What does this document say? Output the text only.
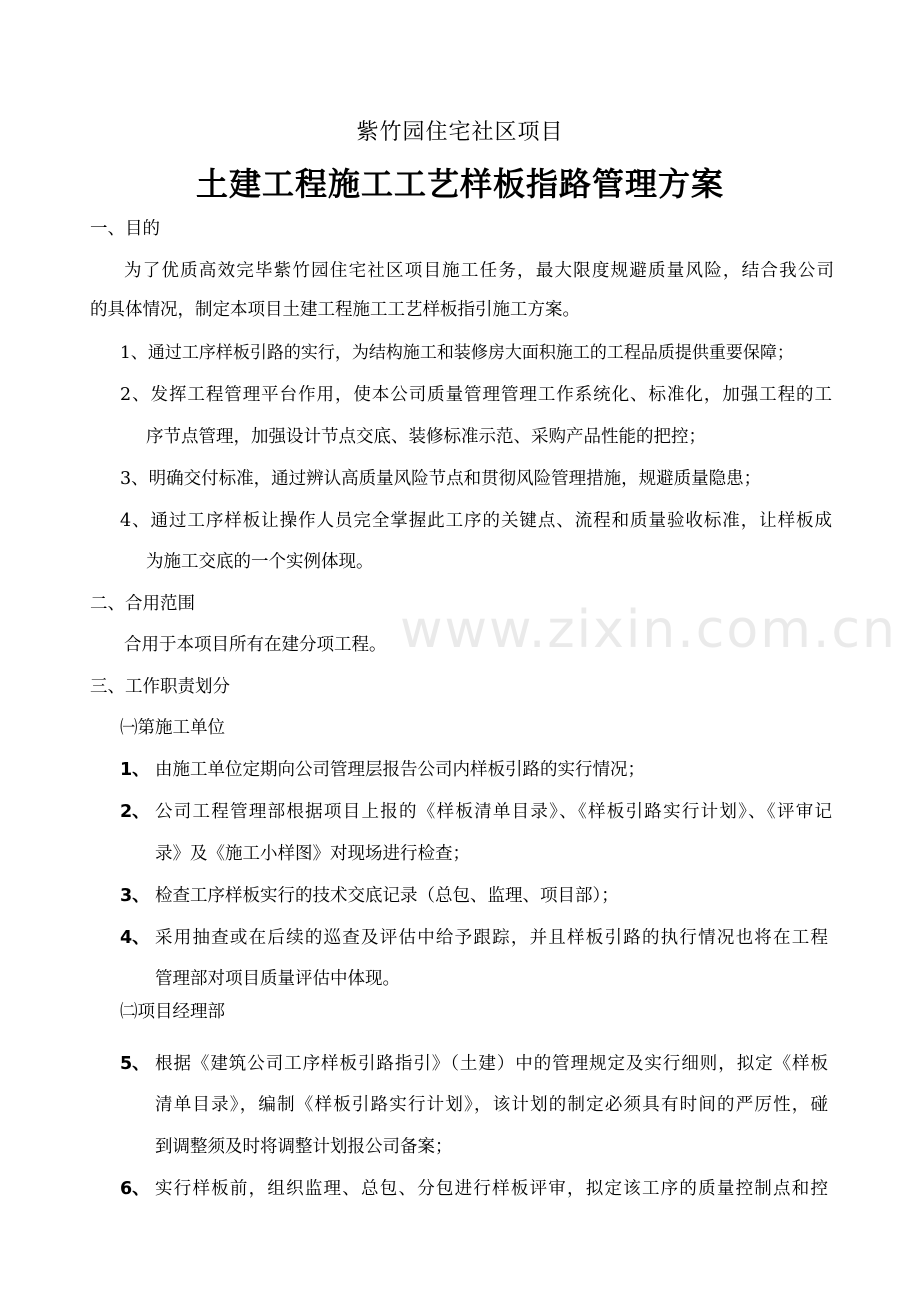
www.zixin.com.cn
紫竹园住宅社区项目
土建工程施工工艺样板指路管理方案
一、目的
为了优质高效完毕紫竹园住宅社区项目施工任务，最大限度规避质量风险，结合我公司
的具体情况，制定本项目土建工程施工工艺样板指引施工方案。
1、通过工序样板引路的实行，为结构施工和装修房大面积施工的工程品质提供重要保障；
2、发挥工程管理平台作用，使本公司质量管理管理工作系统化、标准化，加强工程的工
序节点管理，加强设计节点交底、装修标准示范、采购产品性能的把控；
3、明确交付标准，通过辨认高质量风险节点和贯彻风险管理措施，规避质量隐患；
4、通过工序样板让操作人员完全掌握此工序的关键点、流程和质量验收标准，让样板成
为施工交底的一个实例体现。
二、合用范围
合用于本项目所有在建分项工程。
三、工作职责划分
㈠第施工单位
1、 由施工单位定期向公司管理层报告公司内样板引路的实行情况；
2、 公司工程管理部根据项目上报的《样板清单目录》、《样板引路实行计划》、《评审记
录》及《施工小样图》对现场进行检查；
3、 检查工序样板实行的技术交底记录（总包、监理、项目部）；
4、 采用抽查或在后续的巡查及评估中给予跟踪，并且样板引路的执行情况也将在工程
管理部对项目质量评估中体现。
㈡项目经理部
5、 根据《建筑公司工序样板引路指引》（土建）中的管理规定及实行细则，拟定《样板
清单目录》，编制《样板引路实行计划》，该计划的制定必须具有时间的严厉性，碰
到调整须及时将调整计划报公司备案；
6、 实行样板前，组织监理、总包、分包进行样板评审，拟定该工序的质量控制点和控
